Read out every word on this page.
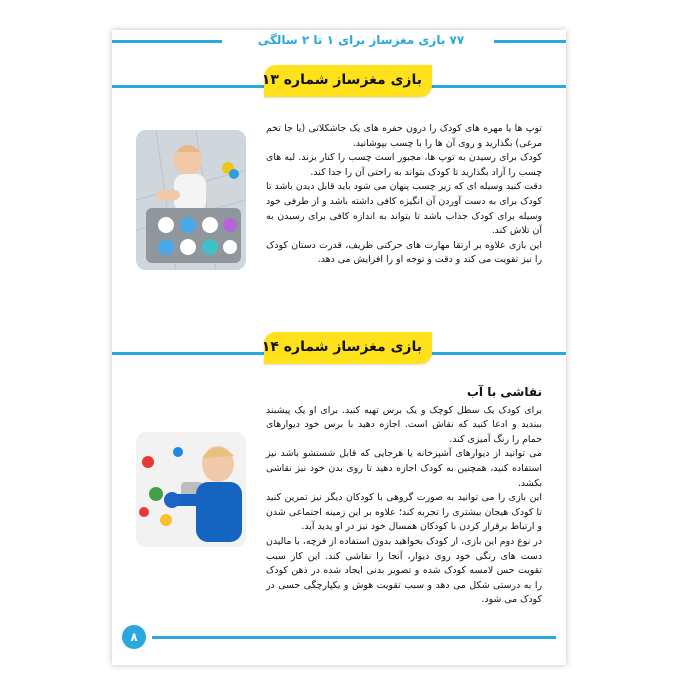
۷۷ بازی مغزساز برای ۱ تا ۲ سالگی
بازی مغزساز شماره ۱۳

توپ ها یا مهره های کودک را درون حفره های یک جاشکلاتی (یا جا تخم مرغی) بگذارید و روی آن ها را با چسب بپوشانید.

کودک برای رسیدن به توپ ها، مجبور است چسب را کنار بزند. لبه های چسب را آزاد بگذارید تا کودک بتواند به راحتی آن را جدا کند.

دقت کنید وسیله ای که زیر چسب پنهان می شود باید قابل دیدن باشد تا کودک برای به دست آوردن آن انگیزه کافی داشته باشد و از طرفی خود وسیله برای کودک جذاب باشد تا بتواند به اندازه کافی برای رسیدن به آن تلاش کند.

این بازی علاوه بر ارتقا مهارت های حرکتی ظریف، قدرت دستان کودک را نیز تقویت می کند و دقت و توجه او را افزایش می دهد.

بازی مغزساز شماره ۱۴
نقاشی با آب

برای کودک یک سطل کوچک و یک برس تهیه کنید. برای او یک پیشبند ببندید و ادعا کنید که نقاش است. اجازه دهید با برس خود دیوارهای حمام را رنگ آمیزی کند.

می توانید از دیوارهای آشپزخانه یا هرجایی که قابل شستشو باشد نیز استفاده کنید، همچنین به کودک اجازه دهید تا روی بدن خود نیز نقاشی بکشد.

این بازی را می توانید به صورت گروهی با کودکان دیگر نیز تمرین کنید تا کودک هیجان بیشتری را تجربه کند؛ علاوه بر این زمینه اجتماعی شدن و ارتباط برقرار کردن با کودکان همسال خود نیز در او پدید آید.

در نوع دوم این بازی، از کودک بخواهید بدون استفاده از فرچه، با مالیدن دست های رنگی خود روی دیوار، آنجا را نقاشی کند. این کار سبب تقویت حس لامسه کودک شده و تصویر بدنی ایجاد شده در ذهن کودک را به درستی شکل می دهد و سبب تقویت هوش و یکپارچگی حسی در کودک می شود.

۸
